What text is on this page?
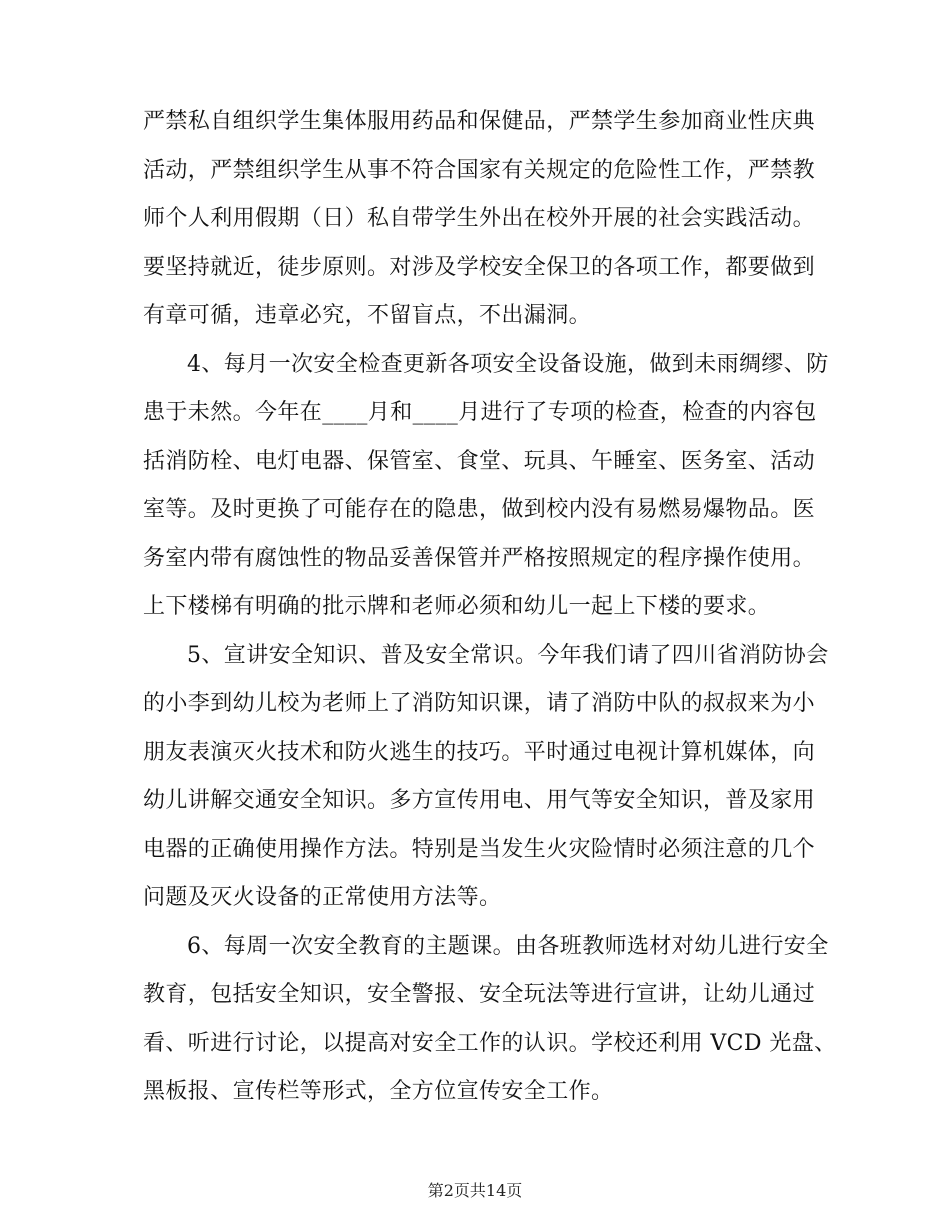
严禁私自组织学生集体服用药品和保健品，严禁学生参加商业性庆典
活动，严禁组织学生从事不符合国家有关规定的危险性工作，严禁教
师个人利用假期（日）私自带学生外出在校外开展的社会实践活动。
要坚持就近，徒步原则。对涉及学校安全保卫的各项工作，都要做到
有章可循，违章必究，不留盲点，不出漏洞。

4、每月一次安全检查更新各项安全设备设施，做到未雨绸缪、防
患于未然。今年在____月和____月进行了专项的检查，检查的内容包
括消防栓、电灯电器、保管室、食堂、玩具、午睡室、医务室、活动
室等。及时更换了可能存在的隐患，做到校内没有易燃易爆物品。医
务室内带有腐蚀性的物品妥善保管并严格按照规定的程序操作使用。
上下楼梯有明确的批示牌和老师必须和幼儿一起上下楼的要求。

5、宣讲安全知识、普及安全常识。今年我们请了四川省消防协会
的小李到幼儿校为老师上了消防知识课，请了消防中队的叔叔来为小
朋友表演灭火技术和防火逃生的技巧。平时通过电视计算机媒体，向
幼儿讲解交通安全知识。多方宣传用电、用气等安全知识，普及家用
电器的正确使用操作方法。特别是当发生火灾险情时必须注意的几个
问题及灭火设备的正常使用方法等。

6、每周一次安全教育的主题课。由各班教师选材对幼儿进行安全
教育，包括安全知识，安全警报、安全玩法等进行宣讲，让幼儿通过
看、听进行讨论，以提高对安全工作的认识。学校还利用 VCD 光盘、
黑板报、宣传栏等形式，全方位宣传安全工作。

第2页共14页
